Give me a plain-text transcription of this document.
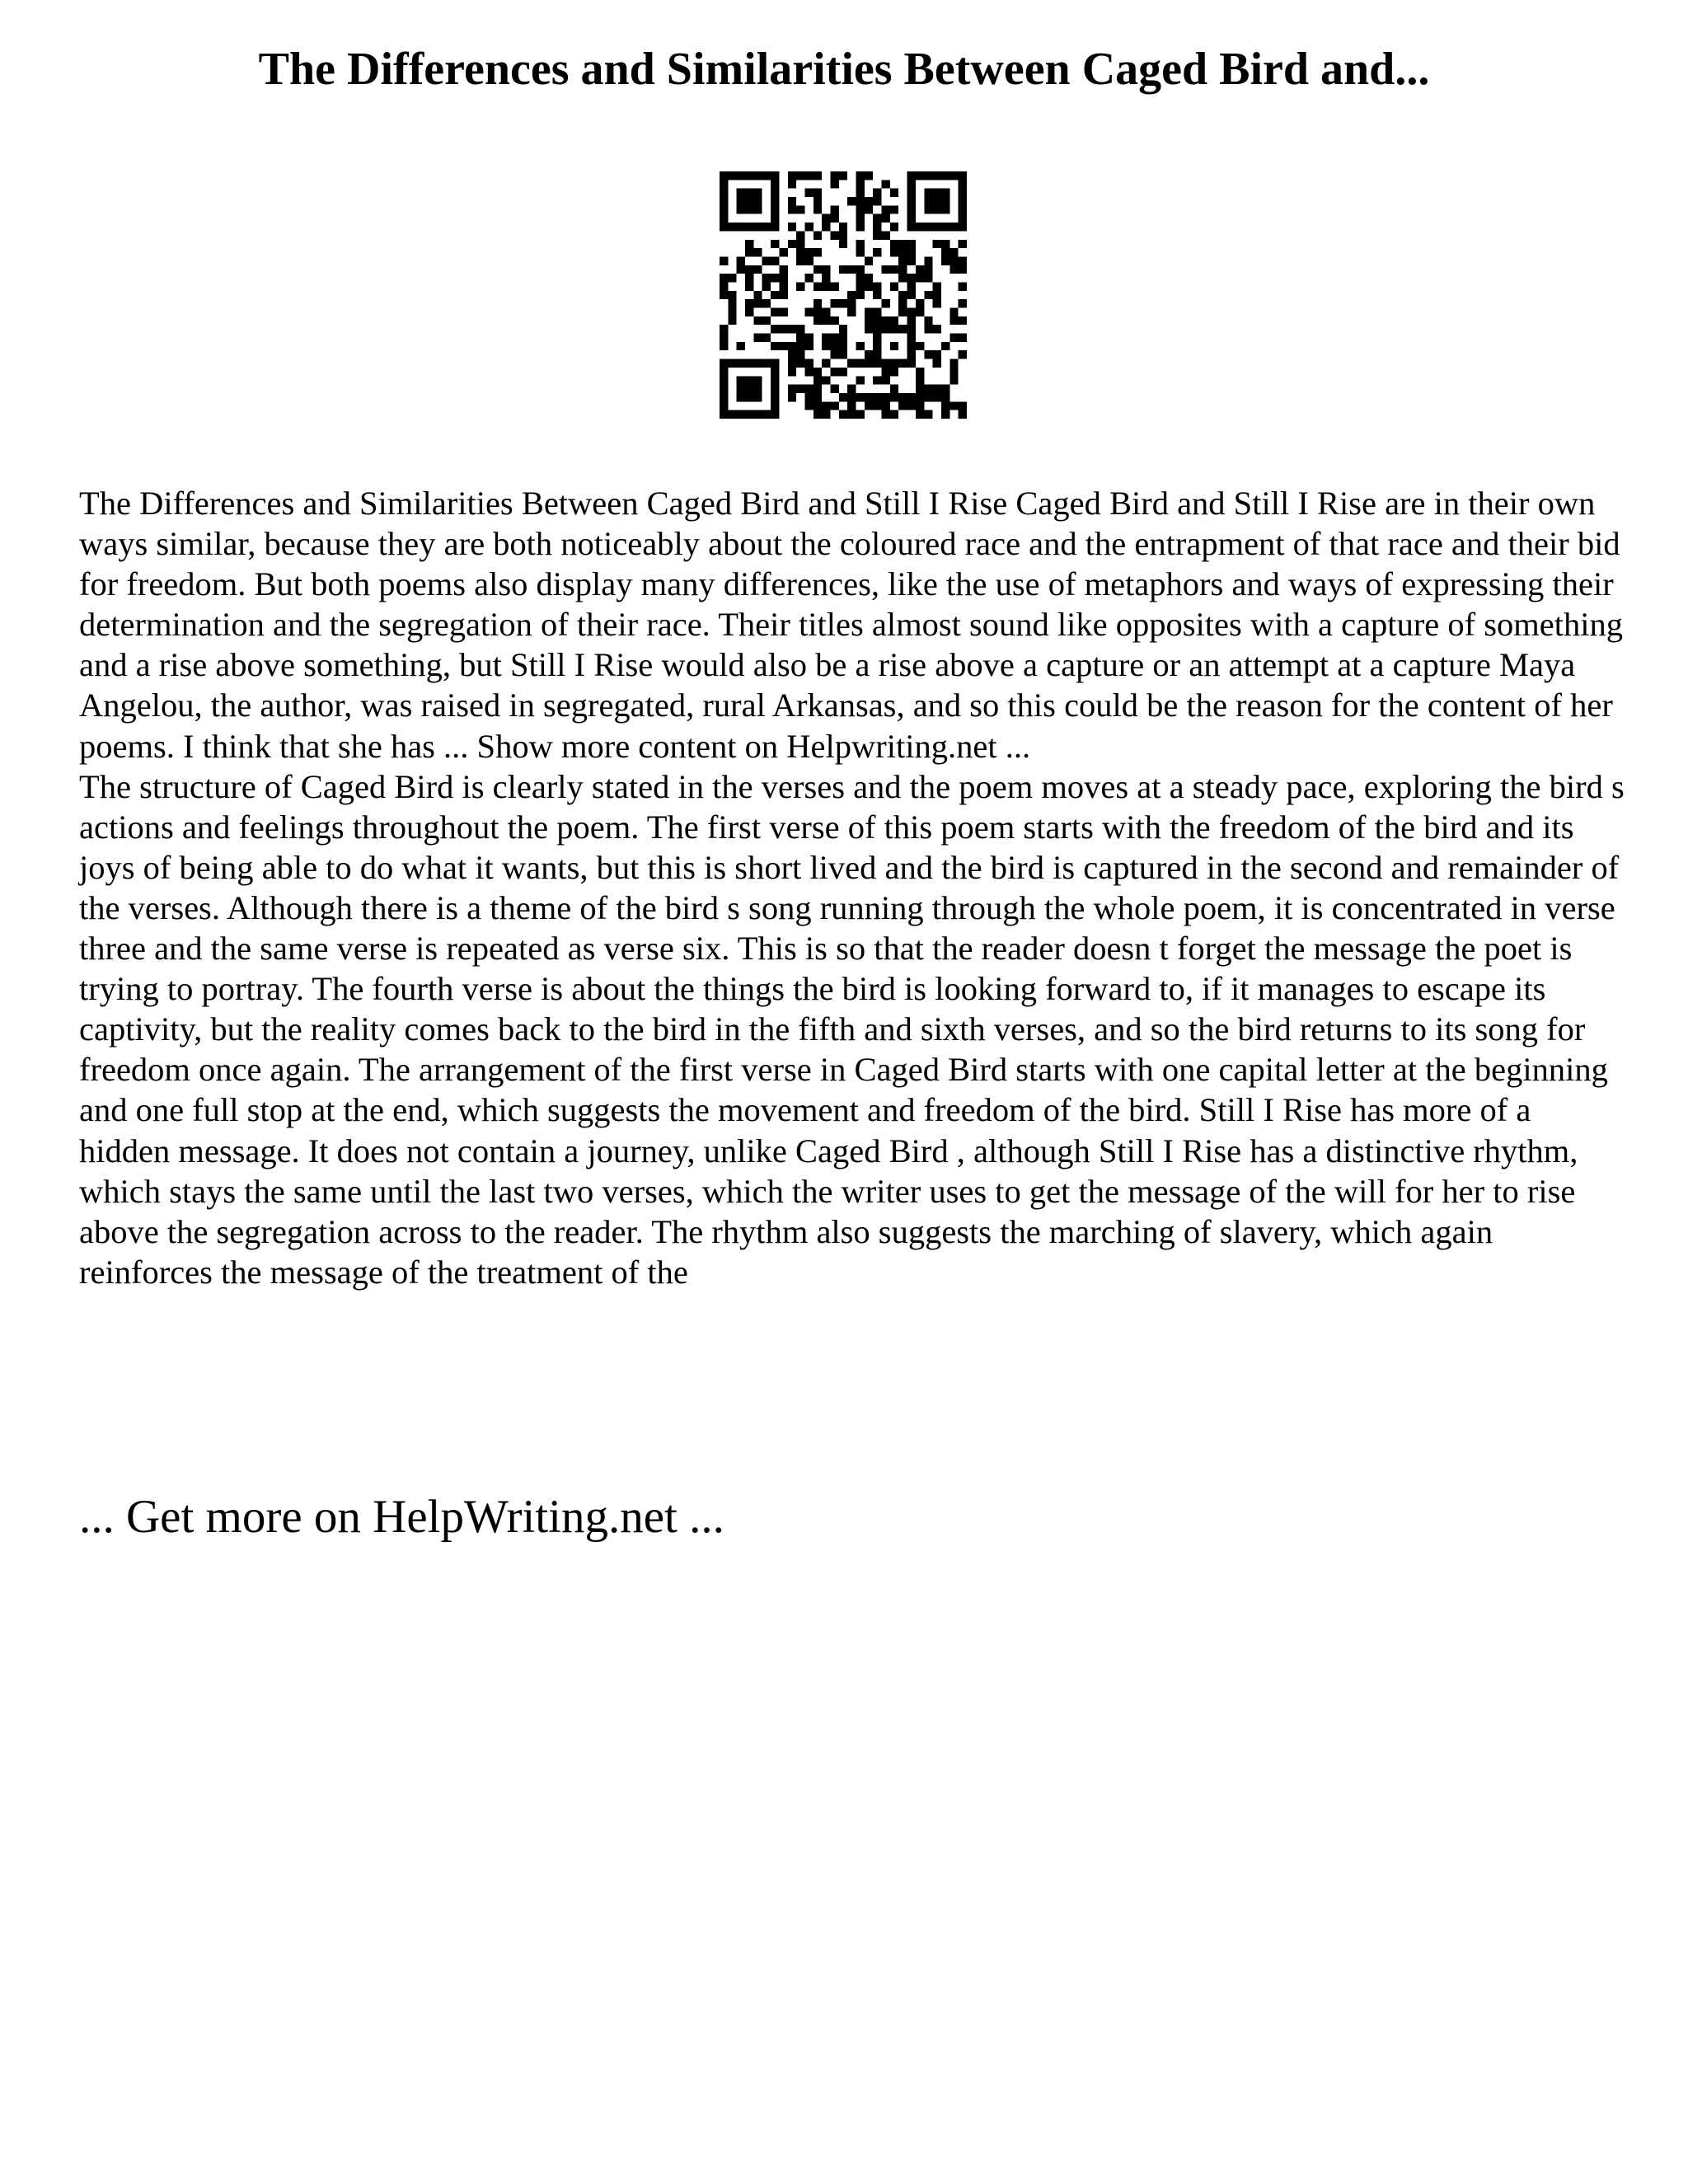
The Differences and Similarities Between Caged Bird and...

The Differences and Similarities Between Caged Bird and Still I Rise Caged Bird and Still I Rise are in their own ways similar, because they are both noticeably about the coloured race and the entrapment of that race and their bid for freedom. But both poems also display many differences, like the use of metaphors and ways of expressing their determination and the segregation of their race. Their titles almost sound like opposites with a capture of something and a rise above something, but Still I Rise would also be a rise above a capture or an attempt at a capture Maya Angelou, the author, was raised in segregated, rural Arkansas, and so this could be the reason for the content of her poems. I think that she has ... Show more content on Helpwriting.net ...

The structure of Caged Bird is clearly stated in the verses and the poem moves at a steady pace, exploring the bird s actions and feelings throughout the poem. The first verse of this poem starts with the freedom of the bird and its joys of being able to do what it wants, but this is short lived and the bird is captured in the second and remainder of the verses. Although there is a theme of the bird s song running through the whole poem, it is concentrated in verse three and the same verse is repeated as verse six. This is so that the reader doesn t forget the message the poet is trying to portray. The fourth verse is about the things the bird is looking forward to, if it manages to escape its captivity, but the reality comes back to the bird in the fifth and sixth verses, and so the bird returns to its song for freedom once again. The arrangement of the first verse in Caged Bird starts with one capital letter at the beginning and one full stop at the end, which suggests the movement and freedom of the bird. Still I Rise has more of a hidden message. It does not contain a journey, unlike Caged Bird , although Still I Rise has a distinctive rhythm, which stays the same until the last two verses, which the writer uses to get the message of the will for her to rise above the segregation across to the reader. The rhythm also suggests the marching of slavery, which again reinforces the message of the treatment of the

... Get more on HelpWriting.net ...
